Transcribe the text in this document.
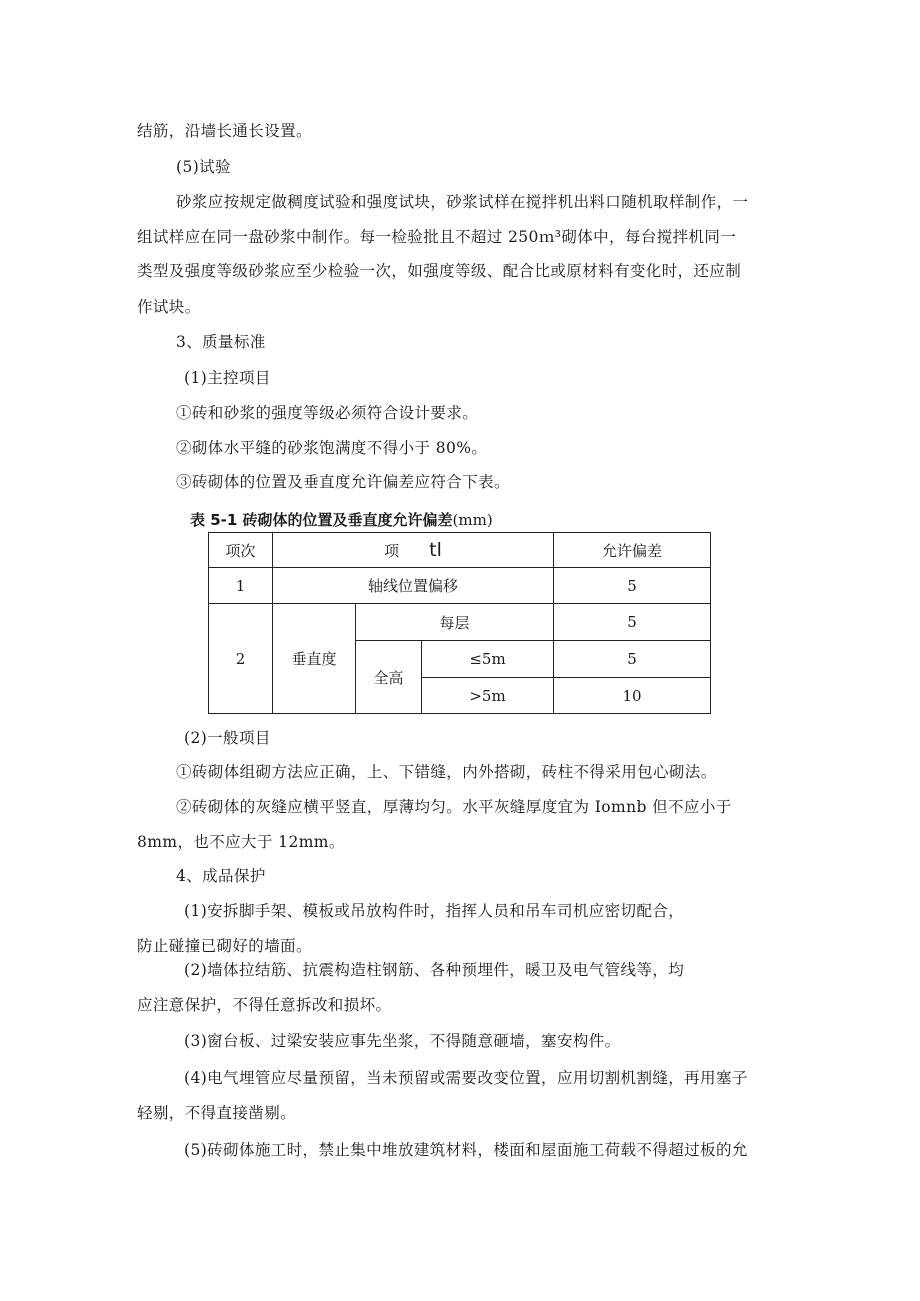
结筋，沿墙长通长设置。
(5)试验
砂浆应按规定做稠度试验和强度试块，砂浆试样在搅拌机出料口随机取样制作，一
组试样应在同一盘砂浆中制作。每一检验批且不超过 250ｍ³砌体中，每台搅拌机同一
类型及强度等级砂浆应至少检验一次，如强度等级、配合比或原材料有变化时，还应制
作试块。
3、质量标准
(1)主控项目
①砖和砂浆的强度等级必须符合设计要求。
②砌体水平缝的砂浆饱满度不得小于 80%。
③砖砌体的位置及垂直度允许偏差应符合下表。
表 5-1 砖砌体的位置及垂直度允许偏差(mm)
项次	项 tl			允许偏差
1	轴线位置偏移			5
2	垂直度	每层		5
		全高	≤5m	5
			>5m	10
(2)一般项目
①砖砌体组砌方法应正确，上、下错缝，内外搭砌，砖柱不得采用包心砌法。
②砖砌体的灰缝应横平竖直，厚薄均匀。水平灰缝厚度宜为 Iomnb 但不应小于
8mm，也不应大于 12mm。
4、成品保护
(1)安拆脚手架、模板或吊放构件时，指挥人员和吊车司机应密切配合，
防止碰撞已砌好的墙面。
(2)墙体拉结筋、抗震构造柱钢筋、各种预埋件，暖卫及电气管线等，均
应注意保护，不得任意拆改和损坏。
(3)窗台板、过梁安装应事先坐浆，不得随意砸墙，塞安构件。
(4)电气埋管应尽量预留，当未预留或需要改变位置，应用切割机割缝，再用塞子
轻剔，不得直接凿剔。
(5)砖砌体施工时，禁止集中堆放建筑材料，楼面和屋面施工荷载不得超过板的允
